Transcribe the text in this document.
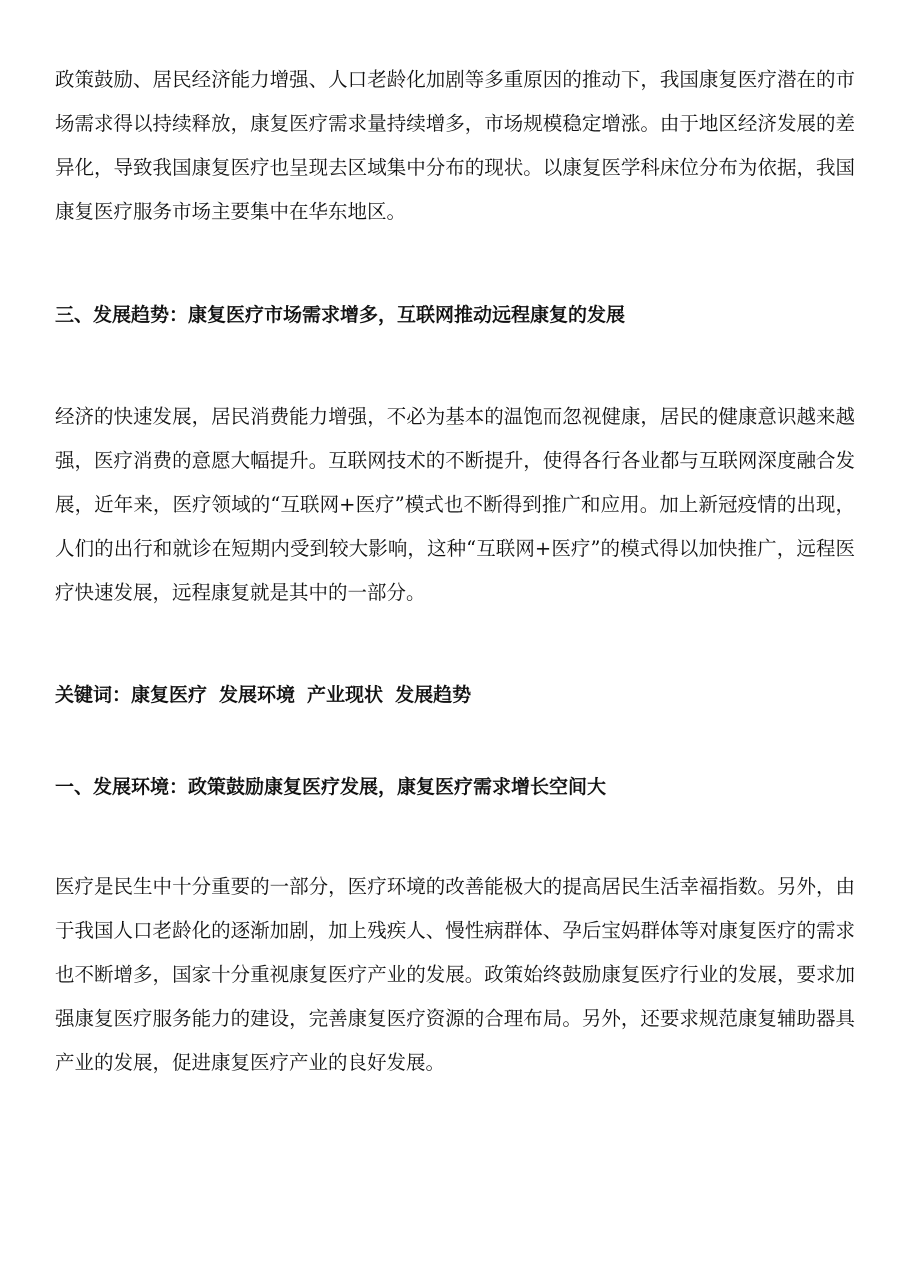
政策鼓励、居民经济能力增强、人口老龄化加剧等多重原因的推动下，我国康复医疗潜在的市场需求得以持续释放，康复医疗需求量持续增多，市场规模稳定增涨。由于地区经济发展的差异化，导致我国康复医疗也呈现去区域集中分布的现状。以康复医学科床位分布为依据，我国康复医疗服务市场主要集中在华东地区。

三、发展趋势：康复医疗市场需求增多，互联网推动远程康复的发展

经济的快速发展，居民消费能力增强，不必为基本的温饱而忽视健康，居民的健康意识越来越强，医疗消费的意愿大幅提升。互联网技术的不断提升，使得各行各业都与互联网深度融合发展，近年来，医疗领域的“互联网+医疗”模式也不断得到推广和应用。加上新冠疫情的出现，人们的出行和就诊在短期内受到较大影响，这种“互联网+医疗”的模式得以加快推广，远程医疗快速发展，远程康复就是其中的一部分。

关键词：康复医疗 发展环境 产业现状 发展趋势
一、发展环境：政策鼓励康复医疗发展，康复医疗需求增长空间大

医疗是民生中十分重要的一部分，医疗环境的改善能极大的提高居民生活幸福指数。另外，由于我国人口老龄化的逐渐加剧，加上残疾人、慢性病群体、孕后宝妈群体等对康复医疗的需求也不断增多，国家十分重视康复医疗产业的发展。政策始终鼓励康复医疗行业的发展，要求加强康复医疗服务能力的建设，完善康复医疗资源的合理布局。另外，还要求规范康复辅助器具产业的发展，促进康复医疗产业的良好发展。
